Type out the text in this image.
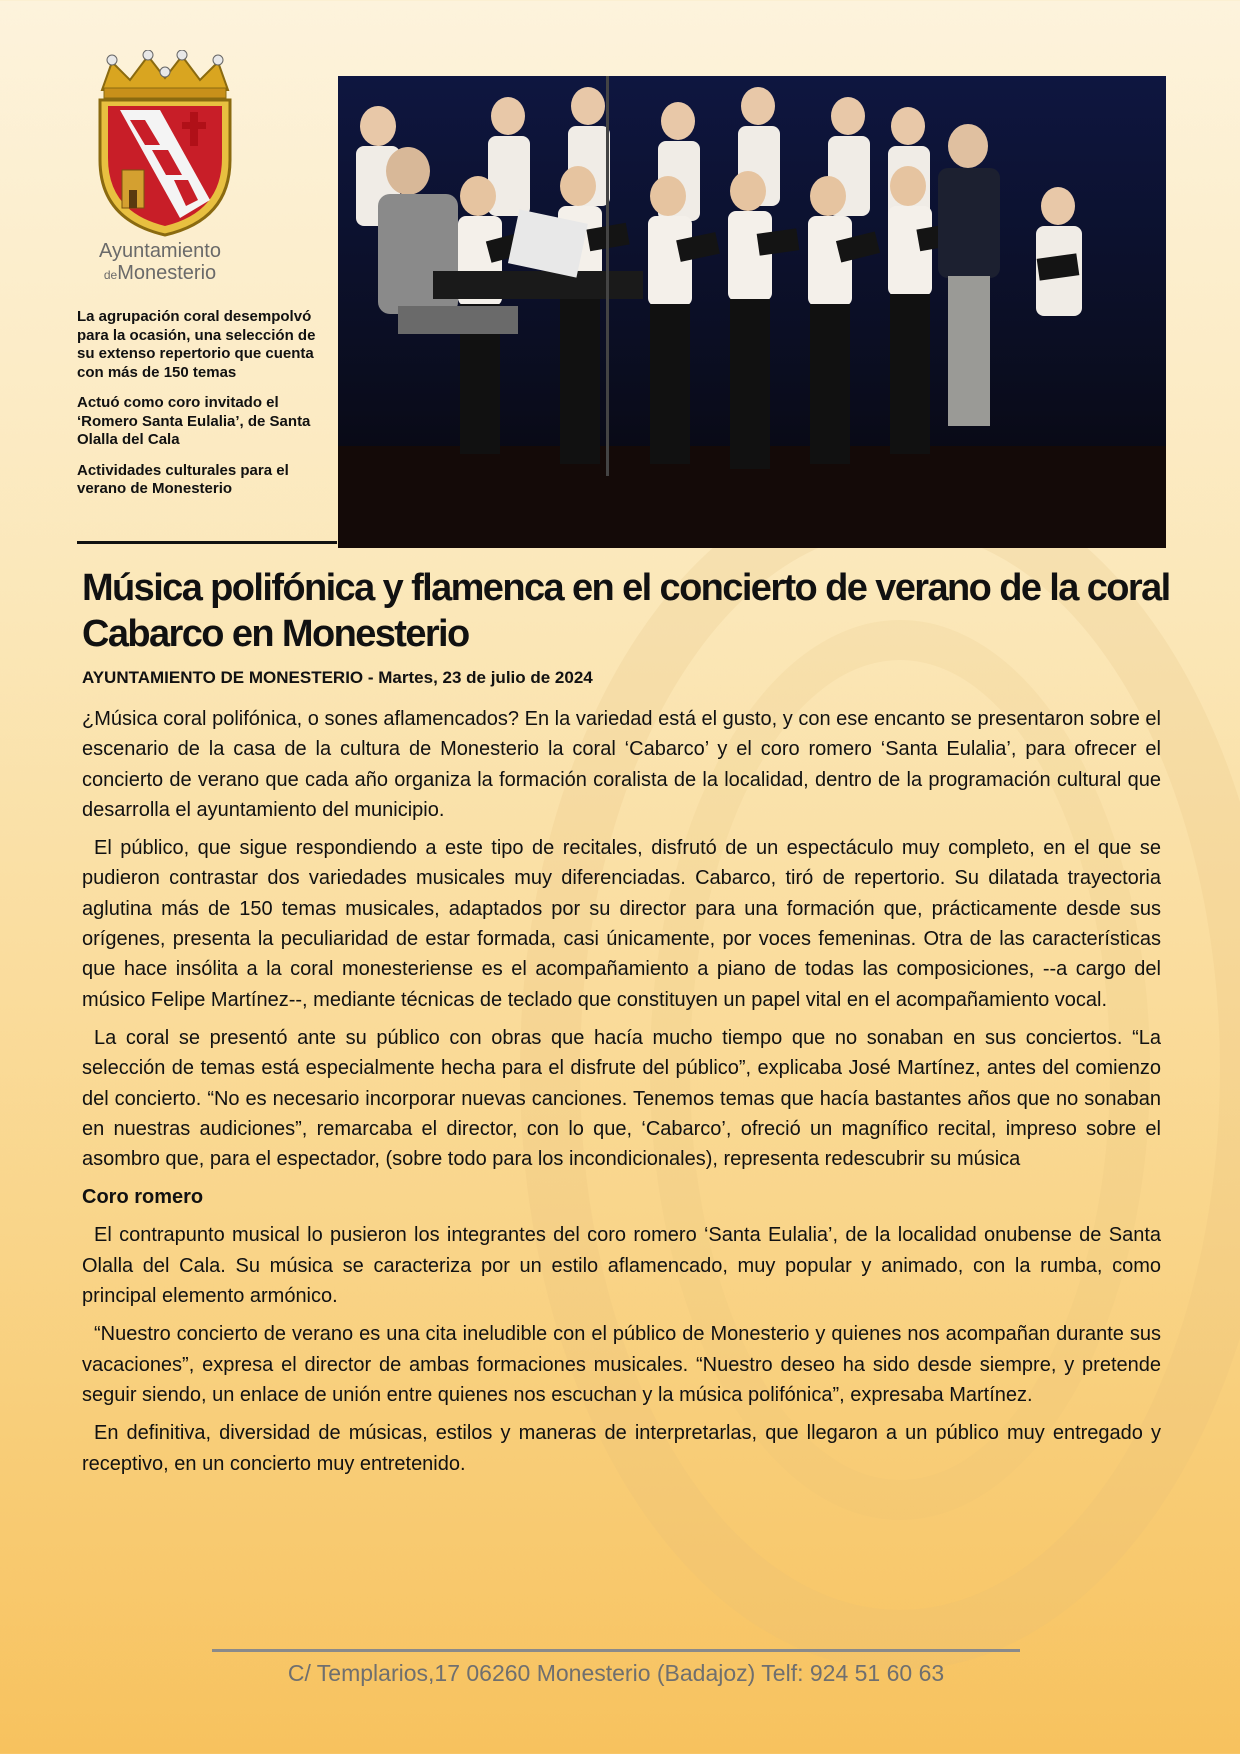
Ayuntamiento
deMonesterio

La agrupación coral desempolvó para la ocasión, una selección de su extenso repertorio que cuenta con más de 150 temas

Actuó como coro invitado el ‘Romero Santa Eulalia’, de Santa Olalla del Cala

Actividades culturales para el verano de Monesterio

Música polifónica y flamenca en el concierto de verano de la coral Cabarco en Monesterio
AYUNTAMIENTO DE MONESTERIO - Martes, 23 de julio de 2024

¿Música coral polifónica, o sones aflamencados? En la variedad está el gusto, y con ese encanto se presentaron sobre el escenario de la casa de la cultura de Monesterio la coral ‘Cabarco’ y el coro romero ‘Santa Eulalia’, para ofrecer el concierto de verano que cada año organiza la formación coralista de la localidad, dentro de la programación cultural que desarrolla el ayuntamiento del municipio.

El público, que sigue respondiendo a este tipo de recitales, disfrutó de un espectáculo muy completo, en el que se pudieron contrastar dos variedades musicales muy diferenciadas. Cabarco, tiró de repertorio. Su dilatada trayectoria aglutina más de 150 temas musicales, adaptados por su director para una formación que, prácticamente desde sus orígenes, presenta la peculiaridad de estar formada, casi únicamente, por voces femeninas. Otra de las características que hace insólita a la coral monesteriense es el acompañamiento a piano de todas las composiciones, --a cargo del músico Felipe Martínez--, mediante técnicas de teclado que constituyen un papel vital en el acompañamiento vocal.

La coral se presentó ante su público con obras que hacía mucho tiempo que no sonaban en sus conciertos. “La selección de temas está especialmente hecha para el disfrute del público”, explicaba José Martínez, antes del comienzo del concierto. “No es necesario incorporar nuevas canciones. Tenemos temas que hacía bastantes años que no sonaban en nuestras audiciones”, remarcaba el director, con lo que, ‘Cabarco’, ofreció un magnífico recital, impreso sobre el asombro que, para el espectador, (sobre todo para los incondicionales), representa redescubrir su música

Coro romero

El contrapunto musical lo pusieron los integrantes del coro romero ‘Santa Eulalia’, de la localidad onubense de Santa Olalla del Cala. Su música se caracteriza por un estilo aflamencado, muy popular y animado, con la rumba, como principal elemento armónico.

“Nuestro concierto de verano es una cita ineludible con el público de Monesterio y quienes nos acompañan durante sus vacaciones”, expresa el director de ambas formaciones musicales. “Nuestro deseo ha sido desde siempre, y pretende seguir siendo, un enlace de unión entre quienes nos escuchan y la música polifónica”, expresaba Martínez.

En definitiva, diversidad de músicas, estilos y maneras de interpretarlas, que llegaron a un público muy entregado y receptivo, en un concierto muy entretenido.

C/ Templarios,17 06260 Monesterio (Badajoz) Telf: 924 51 60 63
